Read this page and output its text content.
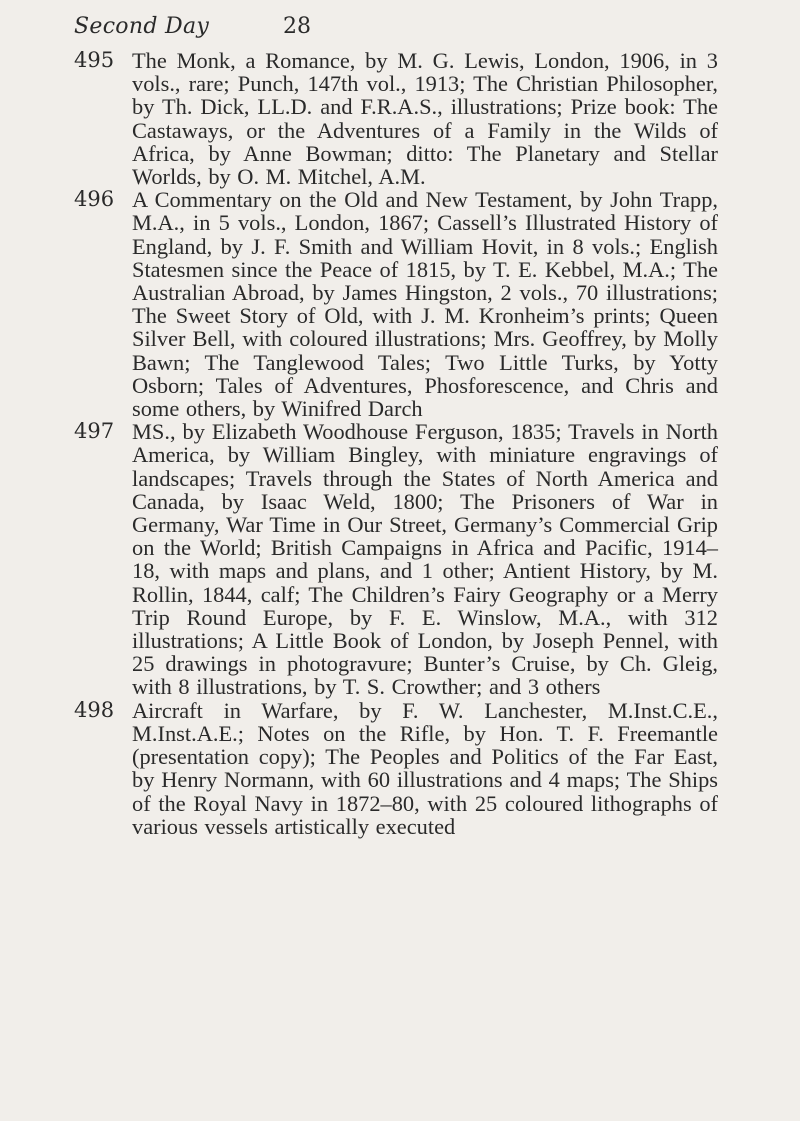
Second Day	28
495 The Monk, a Romance, by M. G. Lewis, London, 1906, in 3 vols., rare; Punch, 147th vol., 1913; The Christian Philosopher, by Th. Dick, LL.D. and F.R.A.S., illustrations; Prize book: The Castaways, or the Adventures of a Family in the Wilds of Africa, by Anne Bowman; ditto: The Planetary and Stellar Worlds, by O. M. Mitchel, A.M.
496 A Commentary on the Old and New Testament, by John Trapp, M.A., in 5 vols., London, 1867; Cassell’s Illustrated History of England, by J. F. Smith and William Hovit, in 8 vols.; English Statesmen since the Peace of 1815, by T. E. Kebbel, M.A.; The Australian Abroad, by James Hingston, 2 vols., 70 illustrations; The Sweet Story of Old, with J. M. Kronheim’s prints; Queen Silver Bell, with coloured illustrations; Mrs. Geoffrey, by Molly Bawn; The Tanglewood Tales; Two Little Turks, by Yotty Osborn; Tales of Adventures, Phosforescence, and Chris and some others, by Winifred Darch
497 MS., by Elizabeth Woodhouse Ferguson, 1835; Travels in North America, by William Bingley, with miniature engravings of landscapes; Travels through the States of North America and Canada, by Isaac Weld, 1800; The Prisoners of War in Germany, War Time in Our Street, Germany’s Commercial Grip on the World; British Campaigns in Africa and Pacific, 1914–18, with maps and plans, and 1 other; Antient History, by M. Rollin, 1844, calf; The Children’s Fairy Geography or a Merry Trip Round Europe, by F. E. Winslow, M.A., with 312 illustrations; A Little Book of London, by Joseph Pennel, with 25 drawings in photogravure; Bunter’s Cruise, by Ch. Gleig, with 8 illustrations, by T. S. Crowther; and 3 others
498 Aircraft in Warfare, by F. W. Lanchester, M.Inst.C.E., M.Inst.A.E.; Notes on the Rifle, by Hon. T. F. Freemantle (presentation copy); The Peoples and Politics of the Far East, by Henry Normann, with 60 illustrations and 4 maps; The Ships of the Royal Navy in 1872–80, with 25 coloured lithographs of various vessels artistically executed
